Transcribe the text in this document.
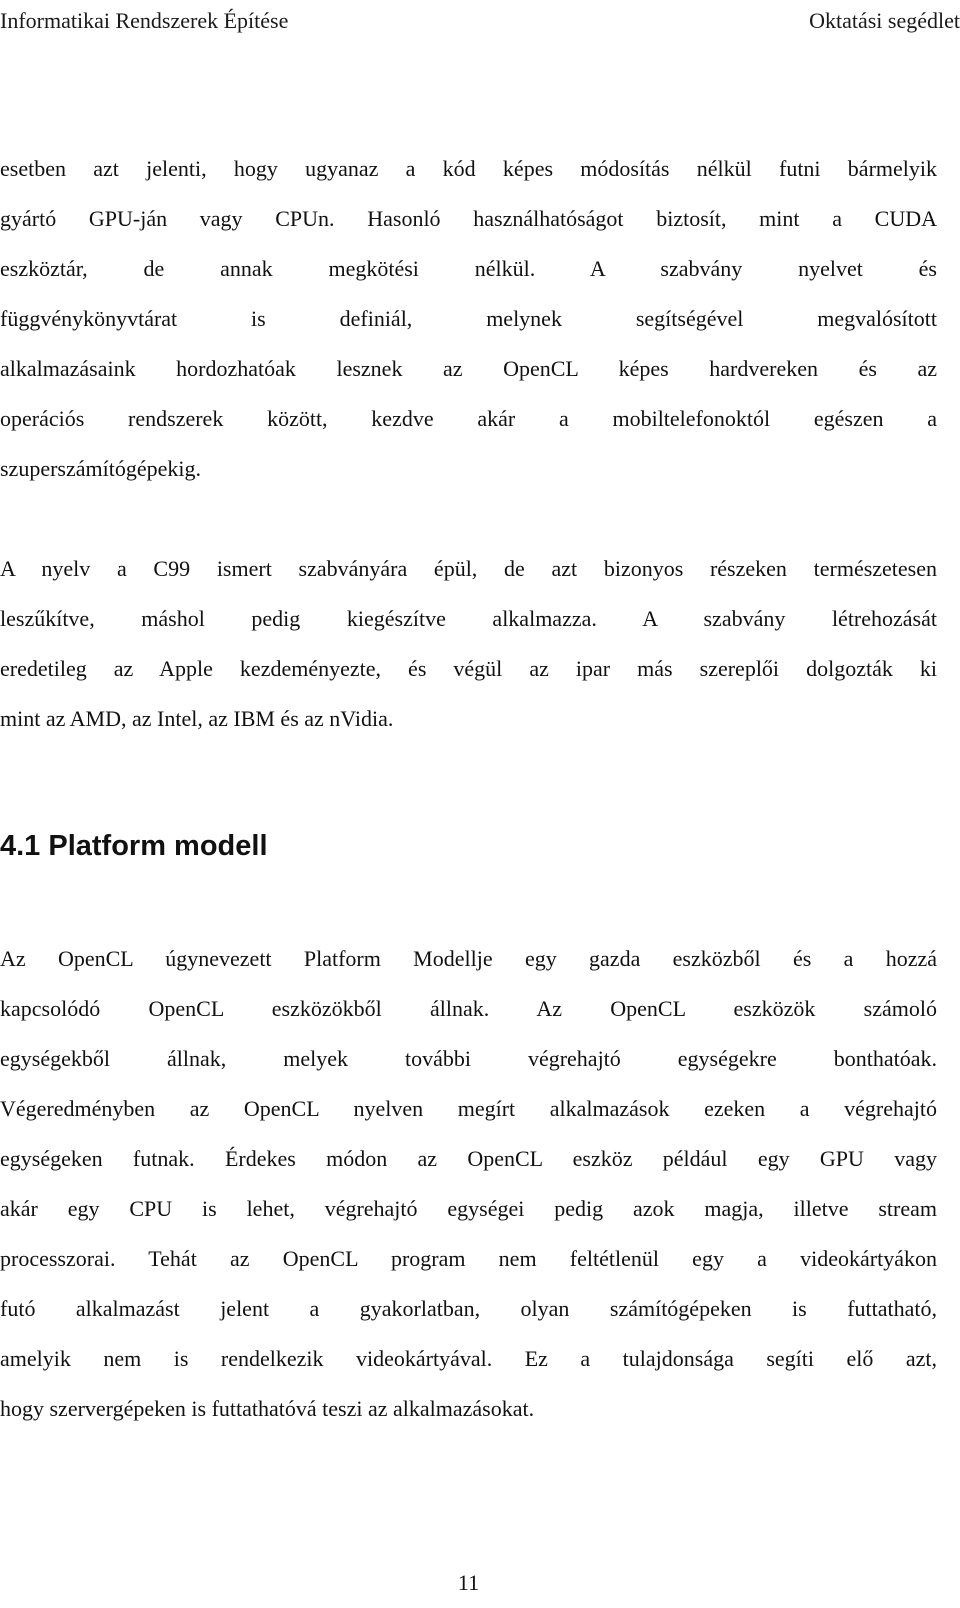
Informatikai Rendszerek Építése	Oktatási segédlet
esetben azt jelenti, hogy ugyanaz a kód képes módosítás nélkül futni bármelyik
gyártó GPU-ján vagy CPUn. Hasonló használhatóságot biztosít, mint a CUDA
eszköztár, de annak megkötési nélkül. A szabvány nyelvet és
függvénykönyvtárat is definiál, melynek segítségével megvalósított
alkalmazásaink hordozhatóak lesznek az OpenCL képes hardvereken és az
operációs rendszerek között, kezdve akár a mobiltelefonoktól egészen a
szuperszámítógépekig.
A nyelv a C99 ismert szabványára épül, de azt bizonyos részeken természetesen
leszűkítve, máshol pedig kiegészítve alkalmazza. A szabvány létrehozását
eredetileg az Apple kezdeményezte, és végül az ipar más szereplői dolgozták ki
mint az AMD, az Intel, az IBM és az nVidia.
4.1 Platform modell
Az OpenCL úgynevezett Platform Modellje egy gazda eszközből és a hozzá
kapcsolódó OpenCL eszközökből állnak. Az OpenCL eszközök számoló
egységekből állnak, melyek további végrehajtó egységekre bonthatóak.
Végeredményben az OpenCL nyelven megírt alkalmazások ezeken a végrehajtó
egységeken futnak. Érdekes módon az OpenCL eszköz például egy GPU vagy
akár egy CPU is lehet, végrehajtó egységei pedig azok magja, illetve stream
processzorai. Tehát az OpenCL program nem feltétlenül egy a videokártyákon
futó alkalmazást jelent a gyakorlatban, olyan számítógépeken is futtatható,
amelyik nem is rendelkezik videokártyával. Ez a tulajdonsága segíti elő azt,
hogy szervergépeken is futtathatóvá teszi az alkalmazásokat.
11
